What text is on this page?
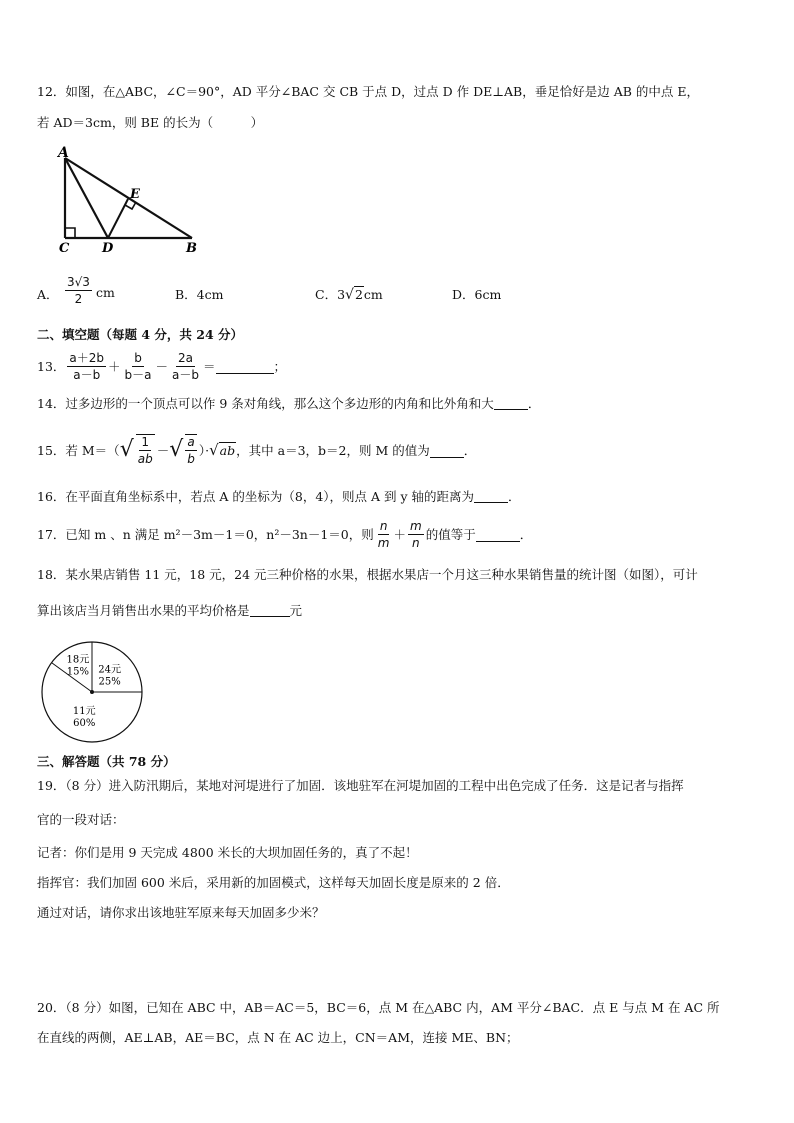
12．如图，在△ABC，∠C＝90°，AD 平分∠BAC 交 CB 于点 D，过点 D 作 DE⊥AB，垂足恰好是边 AB 的中点 E，
若 AD＝3cm，则 BE 的长为（　　　）
A
E
C	D	B
A． $\frac{3√3}{2}$ cm	B．4cm	C．3√2cm	D．6cm
二、填空题（每题 4 分，共 24 分）
13． $\frac{a+2b}{a-b} + \frac{b}{b-a} - \frac{2a}{a-b}$ ＝	；
14．过多边形的一个顶点可以作 9 条对角线，那么这个多边形的内角和比外角和大	．
15．若 M＝（ √ $\frac{1}{ab}$ － √ $\frac{a}{b}$ ）· √ ab ，其中 a＝3，b＝2，则 M 的值为	．
16．在平面直角坐标系中，若点 A 的坐标为（8，4），则点 A 到 y 轴的距离为	．
17．已知 m 、n 满足 m²－3m－1＝0，n²－3n－1＝0，则 $\frac{n}{m} + \frac{m}{n}$ 的值等于	．
18．某水果店销售 11 元，18 元，24 元三种价格的水果，根据水果店一个月这三种水果销售量的统计图（如图），可计
算出该店当月销售出水果的平均价格是	元
24元
25%
11元
60%
18元
15%
三、解答题（共 78 分）
19．（8 分）进入防汛期后，某地对河堤进行了加固．该地驻军在河堤加固的工程中出色完成了任务．这是记者与指挥
官的一段对话：
记者：你们是用 9 天完成 4800 米长的大坝加固任务的，真了不起！
指挥官：我们加固 600 米后，采用新的加固模式，这样每天加固长度是原来的 2 倍．
通过对话，请你求出该地驻军原来每天加固多少米？
20．（8 分）如图，已知在 ABC 中，AB＝AC＝5，BC＝6，点 M 在△ABC 内，AM 平分∠BAC．点 E 与点 M 在 AC 所
在直线的两侧，AE⊥AB，AE＝BC，点 N 在 AC 边上，CN＝AM，连接 ME、BN；
